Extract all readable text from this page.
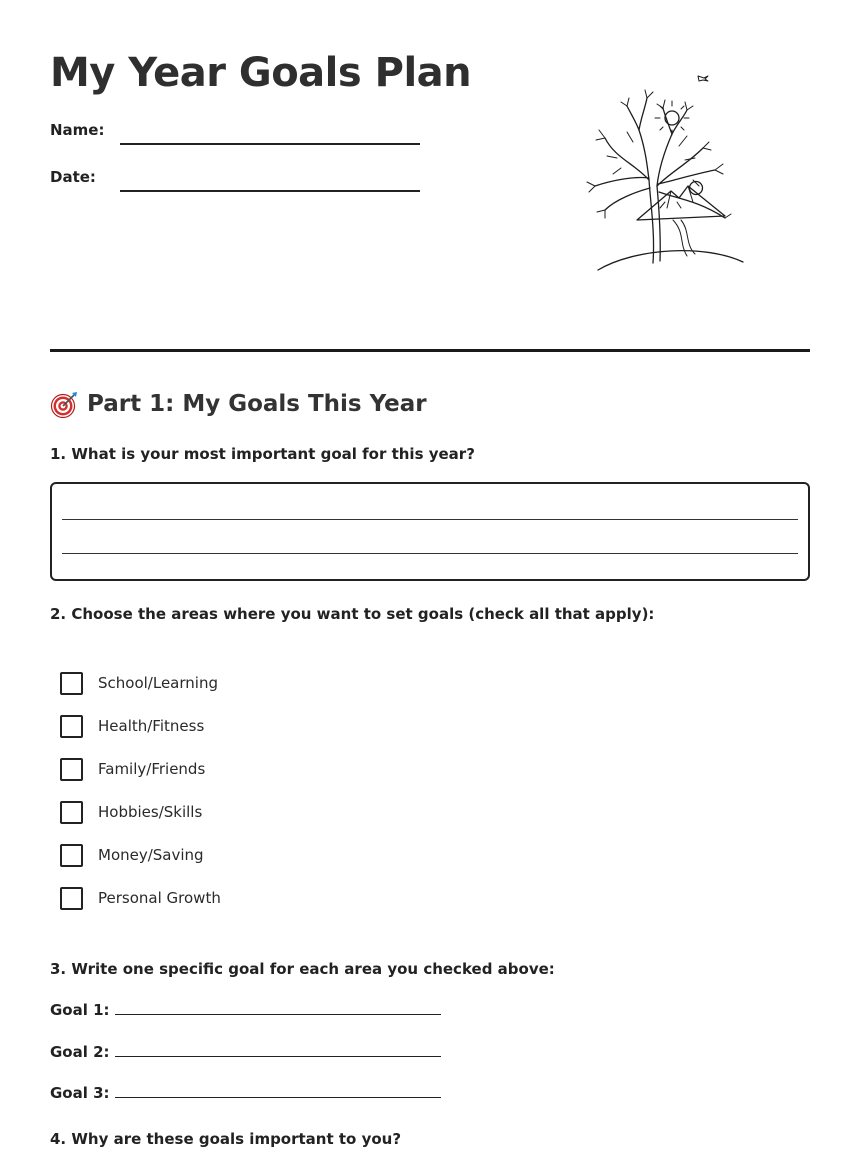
My Year Goals Plan
Name:
Date:
Part 1: My Goals This Year
1. What is your most important goal for this year?
2. Choose the areas where you want to set goals (check all that apply):
School/Learning
Health/Fitness
Family/Friends
Hobbies/Skills
Money/Saving
Personal Growth
3. Write one specific goal for each area you checked above:
Goal 1:
Goal 2:
Goal 3:
4. Why are these goals important to you?
